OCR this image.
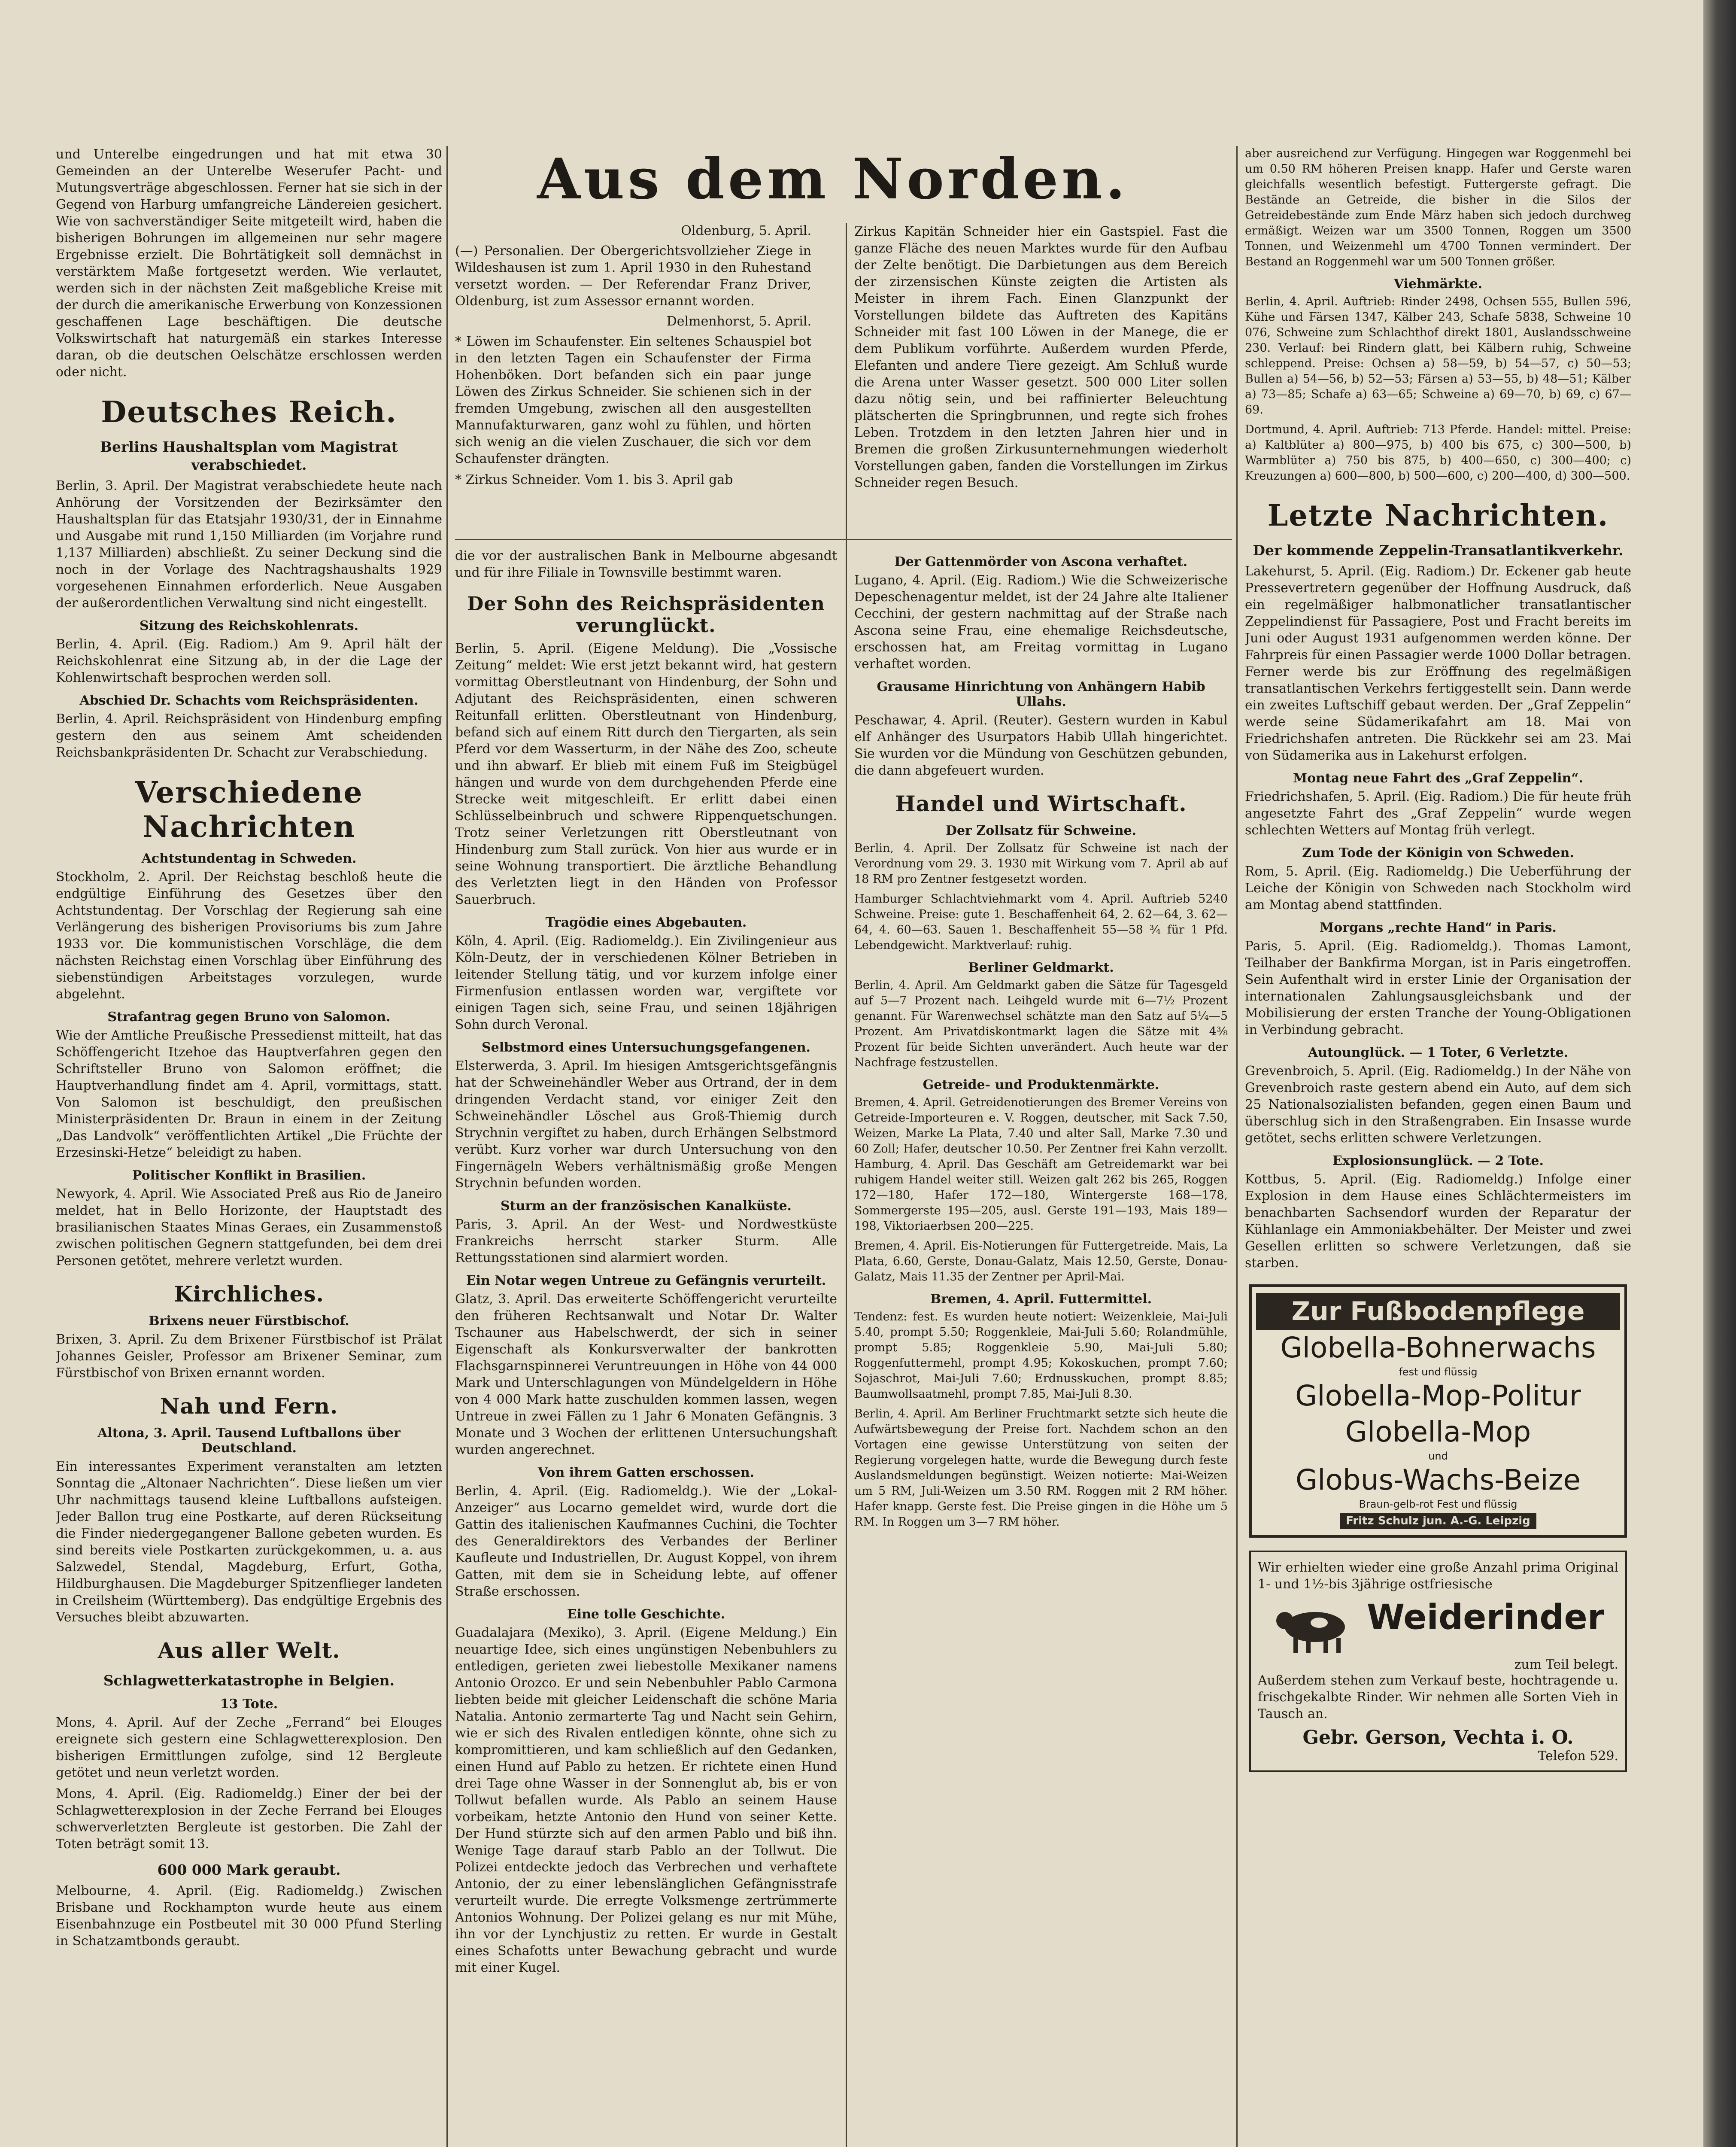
Aus dem Norden.

und Unterelbe eingedrungen und hat mit etwa 30 Gemeinden an der Unterelbe Weserufer Pacht- und Mutungsverträge abgeschlossen. Ferner hat sie sich in der Gegend von Harburg umfangreiche Ländereien gesichert. Wie von sachverständiger Seite mitgeteilt wird, haben die bisherigen Bohrungen im allgemeinen nur sehr magere Ergebnisse erzielt. Die Bohrtätigkeit soll demnächst in verstärktem Maße fortgesetzt werden. Wie verlautet, werden sich in der nächsten Zeit maßgebliche Kreise mit der durch die amerikanische Erwerbung von Konzessionen geschaffenen Lage beschäftigen. Die deutsche Volkswirtschaft hat naturgemäß ein starkes Interesse daran, ob die deutschen Oelschätze erschlossen werden oder nicht.

Deutsches Reich.
Berlins Haushaltsplan vom Magistrat verabschiedet.

Berlin, 3. April. Der Magistrat verabschiedete heute nach Anhörung der Vorsitzenden der Bezirksämter den Haushaltsplan für das Etatsjahr 1930/31, der in Einnahme und Ausgabe mit rund 1,150 Milliarden (im Vorjahre rund 1,137 Milliarden) abschließt. Zu seiner Deckung sind die noch in der Vorlage des Nachtragshaushalts 1929 vorgesehenen Einnahmen erforderlich. Neue Ausgaben der außerordentlichen Verwaltung sind nicht eingestellt.

Sitzung des Reichskohlenrats.

Berlin, 4. April. (Eig. Radiom.) Am 9. April hält der Reichskohlenrat eine Sitzung ab, in der die Lage der Kohlenwirtschaft besprochen werden soll.

Abschied Dr. Schachts vom Reichspräsidenten.

Berlin, 4. April. Reichspräsident von Hindenburg empfing gestern den aus seinem Amt scheidenden Reichsbankpräsidenten Dr. Schacht zur Verabschiedung.

Verschiedene Nachrichten
Achtstundentag in Schweden.

Stockholm, 2. April. Der Reichstag beschloß heute die endgültige Einführung des Gesetzes über den Achtstundentag. Der Vorschlag der Regierung sah eine Verlängerung des bisherigen Provisoriums bis zum Jahre 1933 vor. Die kommunistischen Vorschläge, die dem nächsten Reichstag einen Vorschlag über Einführung des siebenstündigen Arbeitstages vorzulegen, wurde abgelehnt.

Strafantrag gegen Bruno von Salomon.

Wie der Amtliche Preußische Pressedienst mitteilt, hat das Schöffengericht Itzehoe das Hauptverfahren gegen den Schriftsteller Bruno von Salomon eröffnet; die Hauptverhandlung findet am 4. April, vormittags, statt. Von Salomon ist beschuldigt, den preußischen Ministerpräsidenten Dr. Braun in einem in der Zeitung „Das Landvolk“ veröffentlichten Artikel „Die Früchte der Erzesinski-Hetze“ beleidigt zu haben.

Politischer Konflikt in Brasilien.

Newyork, 4. April. Wie Associated Preß aus Rio de Janeiro meldet, hat in Bello Horizonte, der Hauptstadt des brasilianischen Staates Minas Geraes, ein Zusammenstoß zwischen politischen Gegnern stattgefunden, bei dem drei Personen getötet, mehrere verletzt wurden.

Kirchliches.
Brixens neuer Fürstbischof.

Brixen, 3. April. Zu dem Brixener Fürstbischof ist Prälat Johannes Geisler, Professor am Brixener Seminar, zum Fürstbischof von Brixen ernannt worden.

Nah und Fern.
Altona, 3. April. Tausend Luftballons über Deutschland.

Ein interessantes Experiment veranstalten am letzten Sonntag die „Altonaer Nachrichten“. Diese ließen um vier Uhr nachmittags tausend kleine Luftballons aufsteigen. Jeder Ballon trug eine Postkarte, auf deren Rückseitung die Finder niedergegangener Ballone gebeten wurden. Es sind bereits viele Postkarten zurückgekommen, u. a. aus Salzwedel, Stendal, Magdeburg, Erfurt, Gotha, Hildburghausen. Die Magdeburger Spitzenflieger landeten in Creilsheim (Württemberg). Das endgültige Ergebnis des Versuches bleibt abzuwarten.

Aus aller Welt.
Schlagwetterkatastrophe in Belgien.
13 Tote.

Mons, 4. April. Auf der Zeche „Ferrand“ bei Elouges ereignete sich gestern eine Schlagwetterexplosion. Den bisherigen Ermittlungen zufolge, sind 12 Bergleute getötet und neun verletzt worden.

Mons, 4. April. (Eig. Radiomeldg.) Einer der bei der Schlagwetterexplosion in der Zeche Ferrand bei Elouges schwerverletzten Bergleute ist gestorben. Die Zahl der Toten beträgt somit 13.

600 000 Mark geraubt.

Melbourne, 4. April. (Eig. Radiomeldg.) Zwischen Brisbane und Rockhampton wurde heute aus einem Eisenbahnzuge ein Postbeutel mit 30 000 Pfund Sterling in Schatzamtbonds geraubt.

Oldenburg, 5. April.

(—) Personalien. Der Obergerichtsvollzieher Ziege in Wildeshausen ist zum 1. April 1930 in den Ruhestand versetzt worden. — Der Referendar Franz Driver, Oldenburg, ist zum Assessor ernannt worden.

Delmenhorst, 5. April.

* Löwen im Schaufenster. Ein seltenes Schauspiel bot in den letzten Tagen ein Schaufenster der Firma Hohenböken. Dort befanden sich ein paar junge Löwen des Zirkus Schneider. Sie schienen sich in der fremden Umgebung, zwischen all den ausgestellten Mannufakturwaren, ganz wohl zu fühlen, und hörten sich wenig an die vielen Zuschauer, die sich vor dem Schaufenster drängten.

* Zirkus Schneider. Vom 1. bis 3. April gab

die vor der australischen Bank in Melbourne abgesandt und für ihre Filiale in Townsville bestimmt waren.

Der Sohn des Reichspräsidenten verunglückt.

Berlin, 5. April. (Eigene Meldung). Die „Vossische Zeitung“ meldet: Wie erst jetzt bekannt wird, hat gestern vormittag Oberstleutnant von Hindenburg, der Sohn und Adjutant des Reichspräsidenten, einen schweren Reitunfall erlitten. Oberstleutnant von Hindenburg, befand sich auf einem Ritt durch den Tiergarten, als sein Pferd vor dem Wasserturm, in der Nähe des Zoo, scheute und ihn abwarf. Er blieb mit einem Fuß im Steigbügel hängen und wurde von dem durchgehenden Pferde eine Strecke weit mitgeschleift. Er erlitt dabei einen Schlüsselbeinbruch und schwere Rippenquetschungen. Trotz seiner Verletzungen ritt Oberstleutnant von Hindenburg zum Stall zurück. Von hier aus wurde er in seine Wohnung transportiert. Die ärztliche Behandlung des Verletzten liegt in den Händen von Professor Sauerbruch.

Tragödie eines Abgebauten.

Köln, 4. April. (Eig. Radiomeldg.). Ein Zivilingenieur aus Köln-Deutz, der in verschiedenen Kölner Betrieben in leitender Stellung tätig, und vor kurzem infolge einer Firmenfusion entlassen worden war, vergiftete vor einigen Tagen sich, seine Frau, und seinen 18jährigen Sohn durch Veronal.

Selbstmord eines Untersuchungsgefangenen.

Elsterwerda, 3. April. Im hiesigen Amtsgerichtsgefängnis hat der Schweinehändler Weber aus Ortrand, der in dem dringenden Verdacht stand, vor einiger Zeit den Schweinehändler Löschel aus Groß-Thiemig durch Strychnin vergiftet zu haben, durch Erhängen Selbstmord verübt. Kurz vorher war durch Untersuchung von den Fingernägeln Webers verhältnismäßig große Mengen Strychnin befunden worden.

Sturm an der französischen Kanalküste.

Paris, 3. April. An der West- und Nordwestküste Frankreichs herrscht starker Sturm. Alle Rettungsstationen sind alarmiert worden.

Ein Notar wegen Untreue zu Gefängnis verurteilt.

Glatz, 3. April. Das erweiterte Schöffengericht verurteilte den früheren Rechtsanwalt und Notar Dr. Walter Tschauner aus Habelschwerdt, der sich in seiner Eigenschaft als Konkursverwalter der bankrotten Flachsgarnspinnerei Veruntreuungen in Höhe von 44 000 Mark und Unterschlagungen von Mündelgeldern in Höhe von 4 000 Mark hatte zuschulden kommen lassen, wegen Untreue in zwei Fällen zu 1 Jahr 6 Monaten Gefängnis. 3 Monate und 3 Wochen der erlittenen Untersuchungshaft wurden angerechnet.

Von ihrem Gatten erschossen.

Berlin, 4. April. (Eig. Radiomeldg.). Wie der „Lokal-Anzeiger“ aus Locarno gemeldet wird, wurde dort die Gattin des italienischen Kaufmannes Cuchini, die Tochter des Generaldirektors des Verbandes der Berliner Kaufleute und Industriellen, Dr. August Koppel, von ihrem Gatten, mit dem sie in Scheidung lebte, auf offener Straße erschossen.

Eine tolle Geschichte.

Guadalajara (Mexiko), 3. April. (Eigene Meldung.) Ein neuartige Idee, sich eines ungünstigen Nebenbuhlers zu entledigen, gerieten zwei liebestolle Mexikaner namens Antonio Orozco. Er und sein Nebenbuhler Pablo Carmona liebten beide mit gleicher Leidenschaft die schöne Maria Natalia. Antonio zermarterte Tag und Nacht sein Gehirn, wie er sich des Rivalen entledigen könnte, ohne sich zu kompromittieren, und kam schließlich auf den Gedanken, einen Hund auf Pablo zu hetzen. Er richtete einen Hund drei Tage ohne Wasser in der Sonnenglut ab, bis er von Tollwut befallen wurde. Als Pablo an seinem Hause vorbeikam, hetzte Antonio den Hund von seiner Kette. Der Hund stürzte sich auf den armen Pablo und biß ihn. Wenige Tage darauf starb Pablo an der Tollwut. Die Polizei entdeckte jedoch das Verbrechen und verhaftete Antonio, der zu einer lebenslänglichen Gefängnisstrafe verurteilt wurde. Die erregte Volksmenge zertrümmerte Antonios Wohnung. Der Polizei gelang es nur mit Mühe, ihn vor der Lynchjustiz zu retten. Er wurde in Gestalt eines Schafotts unter Bewachung gebracht und wurde mit einer Kugel.

Zirkus Kapitän Schneider hier ein Gastspiel. Fast die ganze Fläche des neuen Marktes wurde für den Aufbau der Zelte benötigt. Die Darbietungen aus dem Bereich der zirzensischen Künste zeigten die Artisten als Meister in ihrem Fach. Einen Glanzpunkt der Vorstellungen bildete das Auftreten des Kapitäns Schneider mit fast 100 Löwen in der Manege, die er dem Publikum vorführte. Außerdem wurden Pferde, Elefanten und andere Tiere gezeigt. Am Schluß wurde die Arena unter Wasser gesetzt. 500 000 Liter sollen dazu nötig sein, und bei raffinierter Beleuchtung plätscherten die Springbrunnen, und regte sich frohes Leben. Trotzdem in den letzten Jahren hier und in Bremen die großen Zirkusunternehmungen wiederholt Vorstellungen gaben, fanden die Vorstellungen im Zirkus Schneider regen Besuch.

Der Gattenmörder von Ascona verhaftet.

Lugano, 4. April. (Eig. Radiom.) Wie die Schweizerische Depeschenagentur meldet, ist der 24 Jahre alte Italiener Cecchini, der gestern nachmittag auf der Straße nach Ascona seine Frau, eine ehemalige Reichsdeutsche, erschossen hat, am Freitag vormittag in Lugano verhaftet worden.

Grausame Hinrichtung von Anhängern Habib Ullahs.

Peschawar, 4. April. (Reuter). Gestern wurden in Kabul elf Anhänger des Usurpators Habib Ullah hingerichtet. Sie wurden vor die Mündung von Geschützen gebunden, die dann abgefeuert wurden.

Handel und Wirtschaft.
Der Zollsatz für Schweine.

Berlin, 4. April. Der Zollsatz für Schweine ist nach der Verordnung vom 29. 3. 1930 mit Wirkung vom 7. April ab auf 18 RM pro Zentner festgesetzt worden.

Hamburger Schlachtviehmarkt vom 4. April. Auftrieb 5240 Schweine. Preise: gute 1. Beschaffenheit 64, 2. 62—64, 3. 62—64, 4. 60—63. Sauen 1. Beschaffenheit 55—58 ¾ für 1 Pfd. Lebendgewicht. Marktverlauf: ruhig.

Berliner Geldmarkt.

Berlin, 4. April. Am Geldmarkt gaben die Sätze für Tagesgeld auf 5—7 Prozent nach. Leihgeld wurde mit 6—7½ Prozent genannt. Für Warenwechsel schätzte man den Satz auf 5¼—5 Prozent. Am Privatdiskontmarkt lagen die Sätze mit 4⅜ Prozent für beide Sichten unverändert. Auch heute war der Nachfrage festzustellen.

Getreide- und Produktenmärkte.

Bremen, 4. April. Getreidenotierungen des Bremer Vereins von Getreide-Importeuren e. V. Roggen, deutscher, mit Sack 7.50, Weizen, Marke La Plata, 7.40 und alter Sall, Marke 7.30 und 60 Zoll; Hafer, deutscher 10.50. Per Zentner frei Kahn verzollt. Hamburg, 4. April. Das Geschäft am Getreidemarkt war bei ruhigem Handel weiter still. Weizen galt 262 bis 265, Roggen 172—180, Hafer 172—180, Wintergerste 168—178, Sommergerste 195—205, ausl. Gerste 191—193, Mais 189—198, Viktoriaerbsen 200—225.

Bremen, 4. April. Eis-Notierungen für Futtergetreide. Mais, La Plata, 6.60, Gerste, Donau-Galatz, Mais 12.50, Gerste, Donau-Galatz, Mais 11.35 der Zentner per April-Mai.

Bremen, 4. April. Futtermittel.

Tendenz: fest. Es wurden heute notiert: Weizenkleie, Mai-Juli 5.40, prompt 5.50; Roggenkleie, Mai-Juli 5.60; Rolandmühle, prompt 5.85; Roggenkleie 5.90, Mai-Juli 5.80; Roggenfuttermehl, prompt 4.95; Kokoskuchen, prompt 7.60; Sojaschrot, Mai-Juli 7.60; Erdnusskuchen, prompt 8.85; Baumwollsaatmehl, prompt 7.85, Mai-Juli 8.30.

Berlin, 4. April. Am Berliner Fruchtmarkt setzte sich heute die Aufwärtsbewegung der Preise fort. Nachdem schon an den Vortagen eine gewisse Unterstützung von seiten der Regierung vorgelegen hatte, wurde die Bewegung durch feste Auslandsmeldungen begünstigt. Weizen notierte: Mai-Weizen um 5 RM, Juli-Weizen um 3.50 RM. Roggen mit 2 RM höher. Hafer knapp. Gerste fest. Die Preise gingen in die Höhe um 5 RM. In Roggen um 3—7 RM höher.

aber ausreichend zur Verfügung. Hingegen war Roggenmehl bei um 0.50 RM höheren Preisen knapp. Hafer und Gerste waren gleichfalls wesentlich befestigt. Futtergerste gefragt. Die Bestände an Getreide, die bisher in die Silos der Getreidebestände zum Ende März haben sich jedoch durchweg ermäßigt. Weizen war um 3500 Tonnen, Roggen um 3500 Tonnen, und Weizenmehl um 4700 Tonnen vermindert. Der Bestand an Roggenmehl war um 500 Tonnen größer.

Viehmärkte.

Berlin, 4. April. Auftrieb: Rinder 2498, Ochsen 555, Bullen 596, Kühe und Färsen 1347, Kälber 243, Schafe 5838, Schweine 10 076, Schweine zum Schlachthof direkt 1801, Auslandsschweine 230. Verlauf: bei Rindern glatt, bei Kälbern ruhig, Schweine schleppend. Preise: Ochsen a) 58—59, b) 54—57, c) 50—53; Bullen a) 54—56, b) 52—53; Färsen a) 53—55, b) 48—51; Kälber a) 73—85; Schafe a) 63—65; Schweine a) 69—70, b) 69, c) 67—69.

Dortmund, 4. April. Auftrieb: 713 Pferde. Handel: mittel. Preise: a) Kaltblüter a) 800—975, b) 400 bis 675, c) 300—500, b) Warmblüter a) 750 bis 875, b) 400—650, c) 300—400; c) Kreuzungen a) 600—800, b) 500—600, c) 200—400, d) 300—500.

Letzte Nachrichten.
Der kommende Zeppelin-Transatlantikverkehr.

Lakehurst, 5. April. (Eig. Radiom.) Dr. Eckener gab heute Pressevertretern gegenüber der Hoffnung Ausdruck, daß ein regelmäßiger halbmonatlicher transatlantischer Zeppelindienst für Passagiere, Post und Fracht bereits im Juni oder August 1931 aufgenommen werden könne. Der Fahrpreis für einen Passagier werde 1000 Dollar betragen. Ferner werde bis zur Eröffnung des regelmäßigen transatlantischen Verkehrs fertiggestellt sein. Dann werde ein zweites Luftschiff gebaut werden. Der „Graf Zeppelin“ werde seine Südamerikafahrt am 18. Mai von Friedrichshafen antreten. Die Rückkehr sei am 23. Mai von Südamerika aus in Lakehurst erfolgen.

Montag neue Fahrt des „Graf Zeppelin“.

Friedrichshafen, 5. April. (Eig. Radiom.) Die für heute früh angesetzte Fahrt des „Graf Zeppelin“ wurde wegen schlechten Wetters auf Montag früh verlegt.

Zum Tode der Königin von Schweden.

Rom, 5. April. (Eig. Radiomeldg.) Die Ueberführung der Leiche der Königin von Schweden nach Stockholm wird am Montag abend stattfinden.

Morgans „rechte Hand“ in Paris.

Paris, 5. April. (Eig. Radiomeldg.). Thomas Lamont, Teilhaber der Bankfirma Morgan, ist in Paris eingetroffen. Sein Aufenthalt wird in erster Linie der Organisation der internationalen Zahlungsausgleichsbank und der Mobilisierung der ersten Tranche der Young-Obligationen in Verbindung gebracht.

Autounglück. — 1 Toter, 6 Verletzte.

Grevenbroich, 5. April. (Eig. Radiomeldg.) In der Nähe von Grevenbroich raste gestern abend ein Auto, auf dem sich 25 Nationalsozialisten befanden, gegen einen Baum und überschlug sich in den Straßengraben. Ein Insasse wurde getötet, sechs erlitten schwere Verletzungen.

Explosionsunglück. — 2 Tote.

Kottbus, 5. April. (Eig. Radiomeldg.) Infolge einer Explosion in dem Hause eines Schlächtermeisters im benachbarten Sachsendorf wurden der Reparatur der Kühlanlage ein Ammoniakbehälter. Der Meister und zwei Gesellen erlitten so schwere Verletzungen, daß sie starben.

Zur Fußbodenpflege
Globella-Bohnerwachs
fest und flüssig
Globella-Mop-Politur
Globella-Mop
und
Globus-Wachs-Beize
Braun-gelb-rot Fest und flüssig
Fritz Schulz jun. A.-G. Leipzig

Wir erhielten wieder eine große Anzahl prima Original 1- und 1½-bis 3jährige ostfriesische

Weiderinder
zum Teil belegt.

Außerdem stehen zum Verkauf beste, hochtragende u. frischgekalbte Rinder. Wir nehmen alle Sorten Vieh in Tausch an.

Gebr. Gerson, Vechta i. O.
Telefon 529.
